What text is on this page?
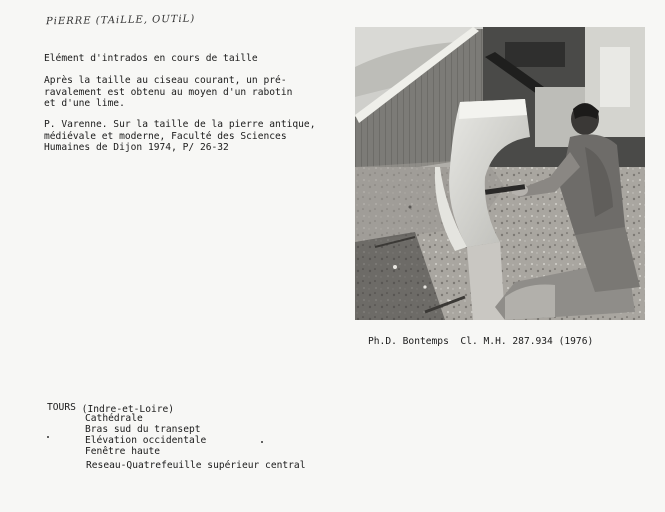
PiERRE (TAiLLE, OUTiL)
Elément d'intrados en cours de taille
Après la taille au ciseau courant, un pré-
ravalement est obtenu au moyen d'un rabotin
et d'une lime.
P. Varenne. Sur la taille de la pierre antique,
médiévale et moderne, Faculté des Sciences
Humaines de Dijon 1974, P/ 26-32
Ph.D. Bontemps  Cl. M.H. 287.934 (1976)
TOURS (Indre-et-Loire)

Cathédrale
Bras sud du transept
Elévation occidentale
Fenêtre haute
Reseau-Quatrefeuille supérieur central
